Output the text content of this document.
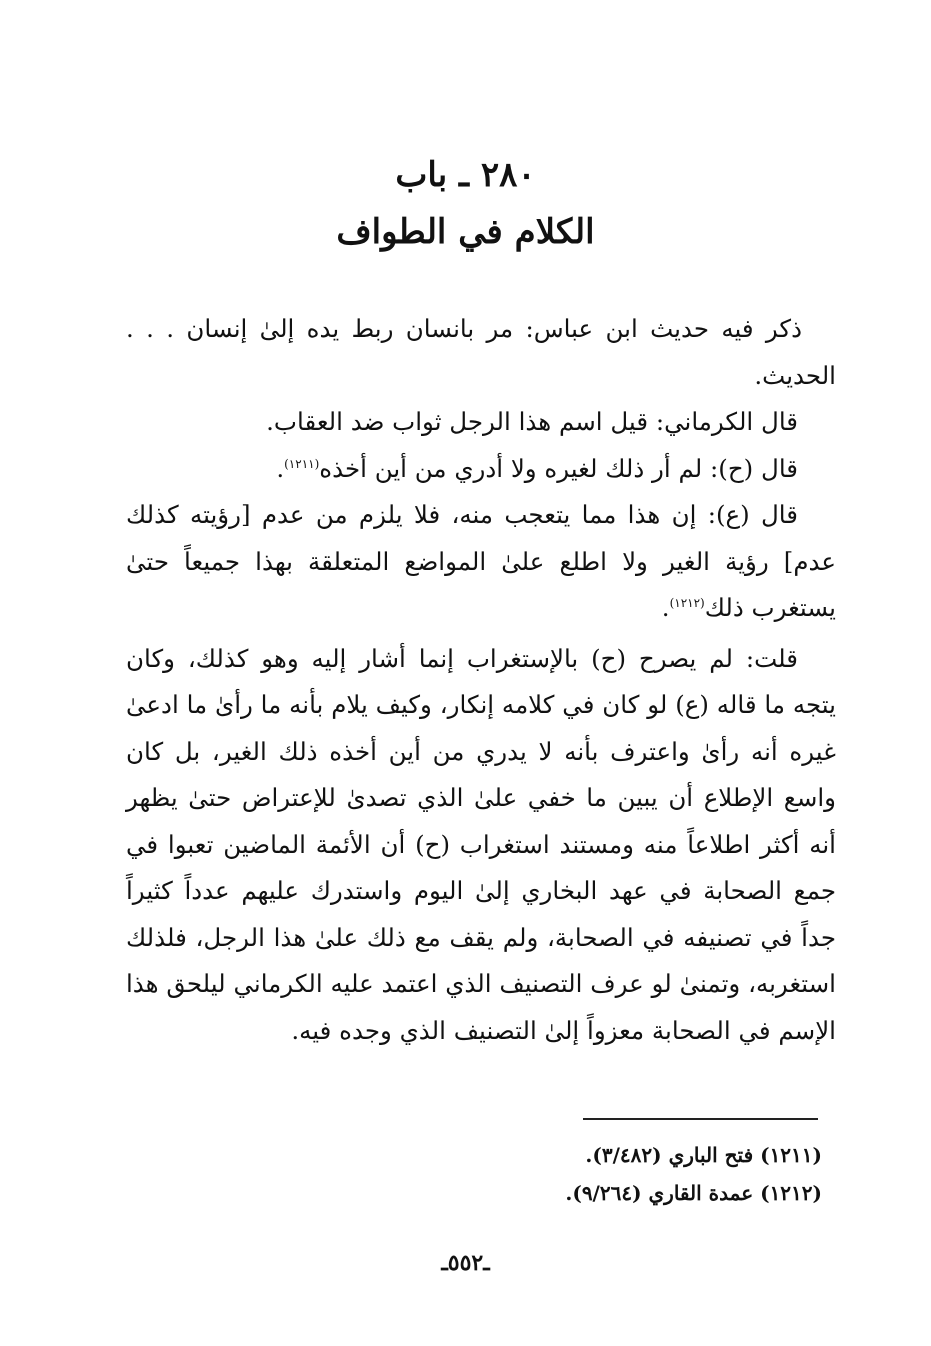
٢٨٠ ـ باب
الكلام في الطواف

ذكر فيه حديث ابن عباس: مر بانسان ربط يده إلىٰ إنسان . . . الحديث.

قال الكرماني: قيل اسم هذا الرجل ثواب ضد العقاب.

قال (ح): لم أر ذلك لغيره ولا أدري من أين أخذه$^{(١٢١١)}$.

قال (ع): إن هذا مما يتعجب منه، فلا يلزم من عدم [رؤيته كذلك عدم] رؤية الغير ولا اطلع علىٰ المواضع المتعلقة بهذا جميعاً حتىٰ يستغرب ذلك$^{(١٢١٢)}$.

قلت: لم يصرح (ح) بالإستغراب إنما أشار إليه وهو كذلك، وكان يتجه ما قاله (ع) لو كان في كلامه إنكار، وكيف يلام بأنه ما رأىٰ ما ادعىٰ غيره أنه رأىٰ واعترف بأنه لا يدري من أين أخذه ذلك الغير، بل كان واسع الإطلاع أن يبين ما خفي علىٰ الذي تصدىٰ للإعتراض حتىٰ يظهر أنه أكثر اطلاعاً منه ومستند استغراب (ح) أن الأئمة الماضين تعبوا في جمع الصحابة في عهد البخاري إلىٰ اليوم واستدرك عليهم عدداً كثيراً جداً في تصنيفه في الصحابة، ولم يقف مع ذلك علىٰ هذا الرجل، فلذلك استغربه، وتمنىٰ لو عرف التصنيف الذي اعتمد عليه الكرماني ليلحق هذا الإسم في الصحابة معزواً إلىٰ التصنيف الذي وجده فيه.

(١٢١١) فتح الباري (٣/٤٨٢).
(١٢١٢) عمدة القاري (٩/٢٦٤).
ـ٥٥٢ـ
